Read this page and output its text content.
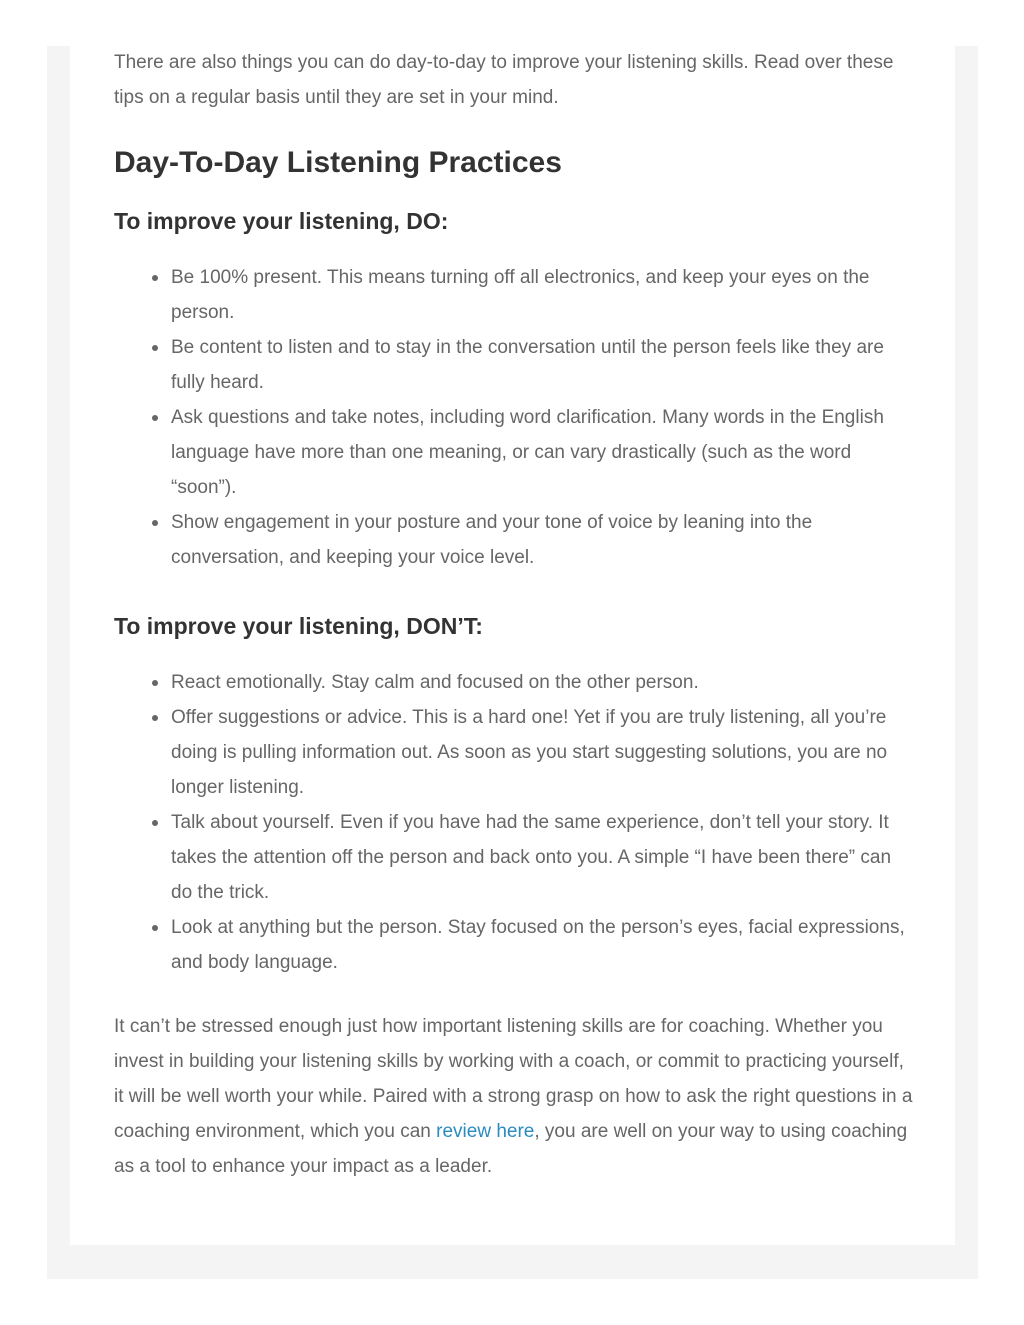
There are also things you can do day-to-day to improve your listening skills. Read over these tips on a regular basis until they are set in your mind.

Day-To-Day Listening Practices
To improve your listening, DO:
Be 100% present. This means turning off all electronics, and keep your eyes on the person.
Be content to listen and to stay in the conversation until the person feels like they are fully heard.
Ask questions and take notes, including word clarification. Many words in the English language have more than one meaning, or can vary drastically (such as the word “soon”).
Show engagement in your posture and your tone of voice by leaning into the conversation, and keeping your voice level.
To improve your listening, DON’T:
React emotionally. Stay calm and focused on the other person.
Offer suggestions or advice. This is a hard one! Yet if you are truly listening, all you’re doing is pulling information out. As soon as you start suggesting solutions, you are no longer listening.
Talk about yourself. Even if you have had the same experience, don’t tell your story. It takes the attention off the person and back onto you. A simple “I have been there” can do the trick.
Look at anything but the person. Stay focused on the person’s eyes, facial expressions, and body language.

It can’t be stressed enough just how important listening skills are for coaching. Whether you invest in building your listening skills by working with a coach, or commit to practicing yourself, it will be well worth your while. Paired with a strong grasp on how to ask the right questions in a coaching environment, which you can review here, you are well on your way to using coaching as a tool to enhance your impact as a leader.
